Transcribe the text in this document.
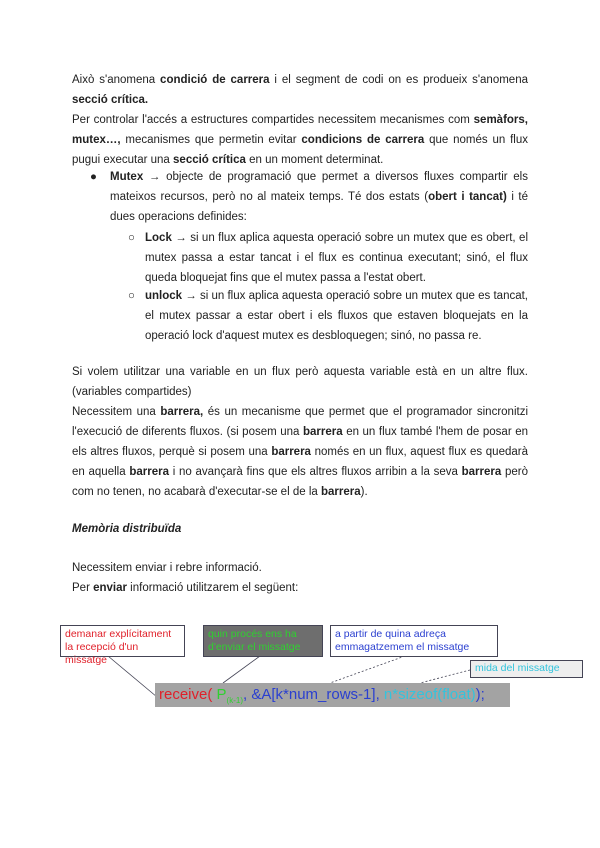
Això s'anomena condició de carrera i el segment de codi on es produeix s'anomena secció crítica.
Per controlar l'accés a estructures compartides necessitem mecanismes com semàfors, mutex…, mecanismes que permetin evitar condicions de carrera que només un flux pugui executar una secció crítica en un moment determinat.
● Mutex → objecte de programació que permet a diversos fluxes compartir els mateixos recursos, però no al mateix temps. Té dos estats (obert i tancat) i té dues operacions definides:
○ Lock → si un flux aplica aquesta operació sobre un mutex que es obert, el mutex passa a estar tancat i el flux es continua executant; sinó, el flux queda bloquejat fins que el mutex passa a l'estat obert.
○ unlock → si un flux aplica aquesta operació sobre un mutex que es tancat, el mutex passar a estar obert i els fluxos que estaven bloquejats en la operació lock d'aquest mutex es desbloquegen; sinó, no passa re.
Si volem utilitzar una variable en un flux però aquesta variable està en un altre flux.(variables compartides)
Necessitem una barrera, és un mecanisme que permet que el programador sincronitzi l'execució de diferents fluxos. (si posem una barrera en un flux també l'hem de posar en els altres fluxos, perquè si posem una barrera només en un flux, aquest flux es quedarà en aquella barrera i no avançarà fins que els altres fluxos arribin a la seva barrera però com no tenen, no acabarà d'executar-se el de la barrera).
Memòria distribuïda
Necessitem enviar i rebre informació.
Per enviar informació utilitzarem el següent:
demanar explícitament la recepció d'un missatge
quin procés ens ha d'enviar el missatge
a partir de quina adreça emmagatzemem el missatge
mida del missatge
receive( $P_{(k-1)}$, &A[k*num_rows-1], n*sizeof(float));
